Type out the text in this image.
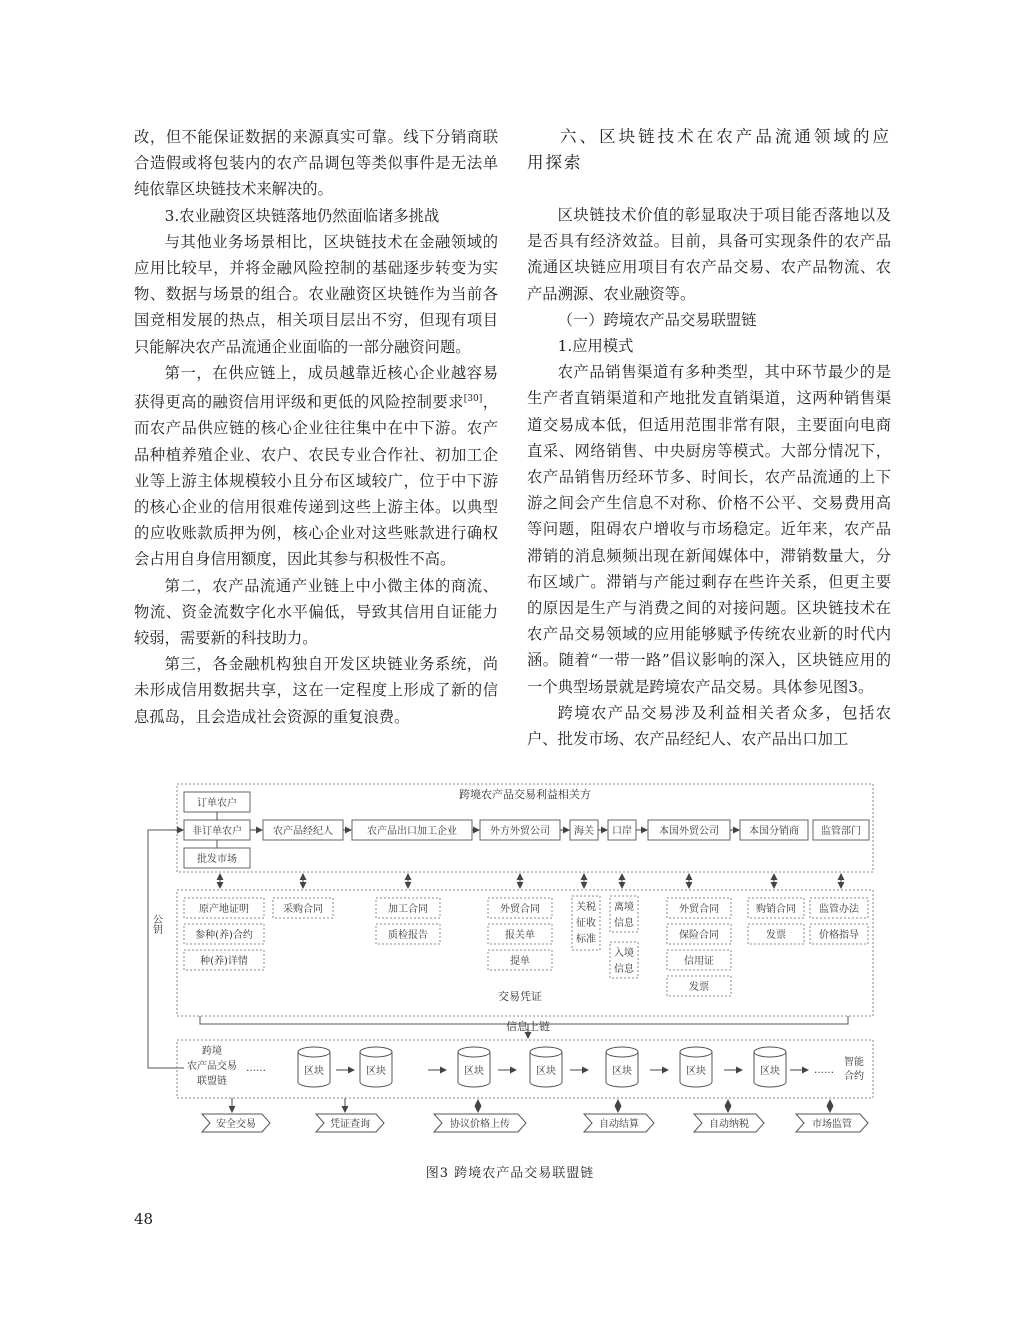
改，但不能保证数据的来源真实可靠。线下分销商联合造假或将包装内的农产品调包等类似事件是无法单纯依靠区块链技术来解决的。

3.农业融资区块链落地仍然面临诸多挑战

与其他业务场景相比，区块链技术在金融领域的应用比较早，并将金融风险控制的基础逐步转变为实物、数据与场景的组合。农业融资区块链作为当前各国竞相发展的热点，相关项目层出不穷，但现有项目只能解决农产品流通企业面临的一部分融资问题。

第一，在供应链上，成员越靠近核心企业越容易获得更高的融资信用评级和更低的风险控制要求[30]，而农产品供应链的核心企业往往集中在中下游。农产品种植养殖企业、农户、农民专业合作社、初加工企业等上游主体规模较小且分布区域较广，位于中下游的核心企业的信用很难传递到这些上游主体。以典型的应收账款质押为例，核心企业对这些账款进行确权会占用自身信用额度，因此其参与积极性不高。

第二，农产品流通产业链上中小微主体的商流、物流、资金流数字化水平偏低，导致其信用自证能力较弱，需要新的科技助力。

第三，各金融机构独自开发区块链业务系统，尚未形成信用数据共享，这在一定程度上形成了新的信息孤岛，且会造成社会资源的重复浪费。

六、区块链技术在农产品流通领域的应用探索

区块链技术价值的彰显取决于项目能否落地以及是否具有经济效益。目前，具备可实现条件的农产品流通区块链应用项目有农产品交易、农产品物流、农产品溯源、农业融资等。

（一）跨境农产品交易联盟链

1.应用模式

农产品销售渠道有多种类型，其中环节最少的是生产者直销渠道和产地批发直销渠道，这两种销售渠道交易成本低，但适用范围非常有限，主要面向电商直采、网络销售、中央厨房等模式。大部分情况下，农产品销售历经环节多、时间长，农产品流通的上下游之间会产生信息不对称、价格不公平、交易费用高等问题，阻碍农户增收与市场稳定。近年来，农产品滞销的消息频频出现在新闻媒体中，滞销数量大，分布区域广。滞销与产能过剩存在些许关系，但更主要的原因是生产与消费之间的对接问题。区块链技术在农产品交易领域的应用能够赋予传统农业新的时代内涵。随着“一带一路”倡议影响的深入，区块链应用的一个典型场景就是跨境农产品交易。具体参见图3。

跨境农产品交易涉及利益相关者众多，包括农户、批发市场、农产品经纪人、农产品出口加工

跨境农产品交易利益相关方
订单农户
非订单农户
批发市场
农产品经纪人	农产品出口加工企业	外方外贸公司 海关 口岸	本国外贸公司	本国分销商 监管部门
原产地证明
参种(养)合约
种(养)详情
采购合同	加工合同
质检报告
外贸合同
报关单
提单
关税
征收
标准
离境
信息
入境
信息
外贸合同
保险合同
信用证
发票
购销合同
发票
监管办法
价格指导
交易凭证
公钥
信息上链
跨境
农产品交易
联盟链
……	区块	区块	区块	区块	区块	区块	区块	……
智能
合约
安全交易	凭证查询	协议价格上传	自动结算	自动纳税	市场监管
图3 跨境农产品交易联盟链
48
